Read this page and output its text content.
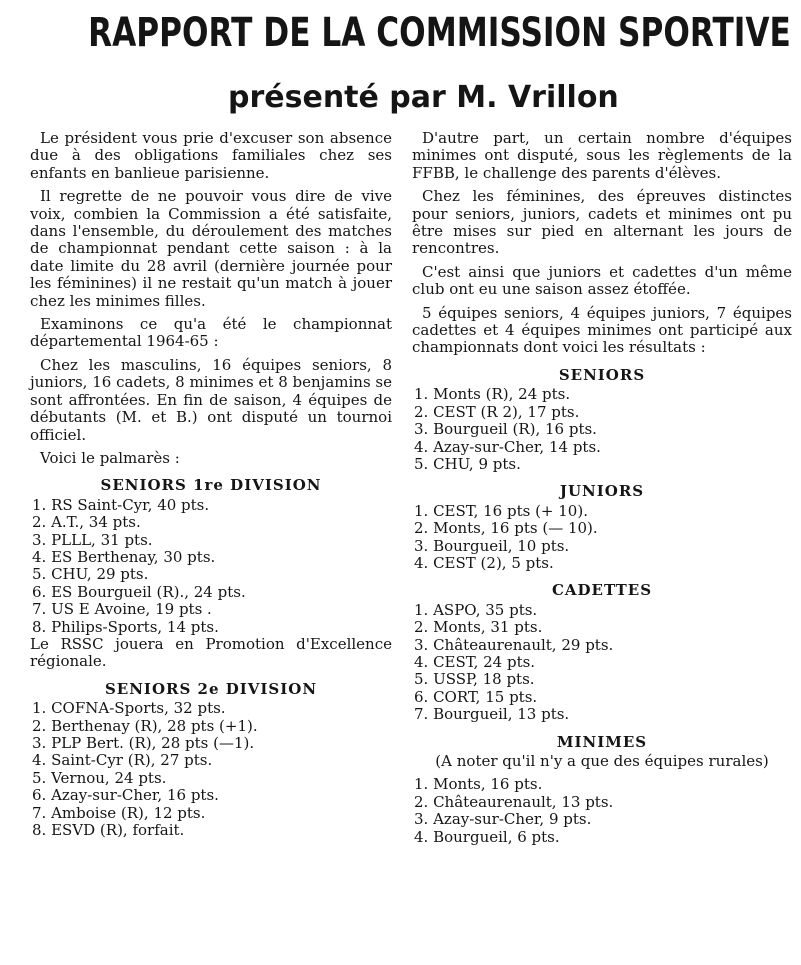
RAPPORT DE LA COMMISSION SPORTIVE
présenté par M. Vrillon

Le président vous prie d'excuser son absence due à des obligations familiales chez ses enfants en banlieue parisienne.

Il regrette de ne pouvoir vous dire de vive voix, combien la Commission a été satisfaite, dans l'ensemble, du déroulement des matches de championnat pendant cette saison : à la date limite du 28 avril (dernière journée pour les féminines) il ne restait qu'un match à jouer chez les minimes filles.

Examinons ce qu'a été le championnat départemental 1964-65 :

Chez les masculins, 16 équipes seniors, 8 juniors, 16 cadets, 8 minimes et 8 benjamins se sont affrontées. En fin de saison, 4 équipes de débutants (M. et B.) ont disputé un tournoi officiel.

Voici le palmarès :

SENIORS 1re DIVISION
1. RS Saint-Cyr, 40 pts.
2. A.T., 34 pts.
3. PLLL, 31 pts.
4. ES Berthenay, 30 pts.
5. CHU, 29 pts.
6. ES Bourgueil (R)., 24 pts.
7. US E Avoine, 19 pts .
8. Philips-Sports, 14 pts.

Le RSSC jouera en Promotion d'Excellence régionale.

SENIORS 2e DIVISION
1. COFNA-Sports, 32 pts.
2. Berthenay (R), 28 pts (+1).
3. PLP Bert. (R), 28 pts (—1).
4. Saint-Cyr (R), 27 pts.
5. Vernou, 24 pts.
6. Azay-sur-Cher, 16 pts.
7. Amboise (R), 12 pts.
8. ESVD (R), forfait.

D'autre part, un certain nombre d'équipes minimes ont disputé, sous les règlements de la FFBB, le challenge des parents d'élèves.

Chez les féminines, des épreuves distinctes pour seniors, juniors, cadets et minimes ont pu être mises sur pied en alternant les jours de rencontres.

C'est ainsi que juniors et cadettes d'un même club ont eu une saison assez étoffée.

5 équipes seniors, 4 équipes juniors, 7 équipes cadettes et 4 équipes minimes ont participé aux championnats dont voici les résultats :

SENIORS
1. Monts (R), 24 pts.
2. CEST (R 2), 17 pts.
3. Bourgueil (R), 16 pts.
4. Azay-sur-Cher, 14 pts.
5. CHU, 9 pts.
JUNIORS
1. CEST, 16 pts (+ 10).
2. Monts, 16 pts (— 10).
3. Bourgueil, 10 pts.
4. CEST (2), 5 pts.
CADETTES
1. ASPO, 35 pts.
2. Monts, 31 pts.
3. Châteaurenault, 29 pts.
4. CEST, 24 pts.
5. USSP, 18 pts.
6. CORT, 15 pts.
7. Bourgueil, 13 pts.
MINIMES

(A noter qu'il n'y a que des équipes rurales)

1. Monts, 16 pts.
2. Châteaurenault, 13 pts.
3. Azay-sur-Cher, 9 pts.
4. Bourgueil, 6 pts.
